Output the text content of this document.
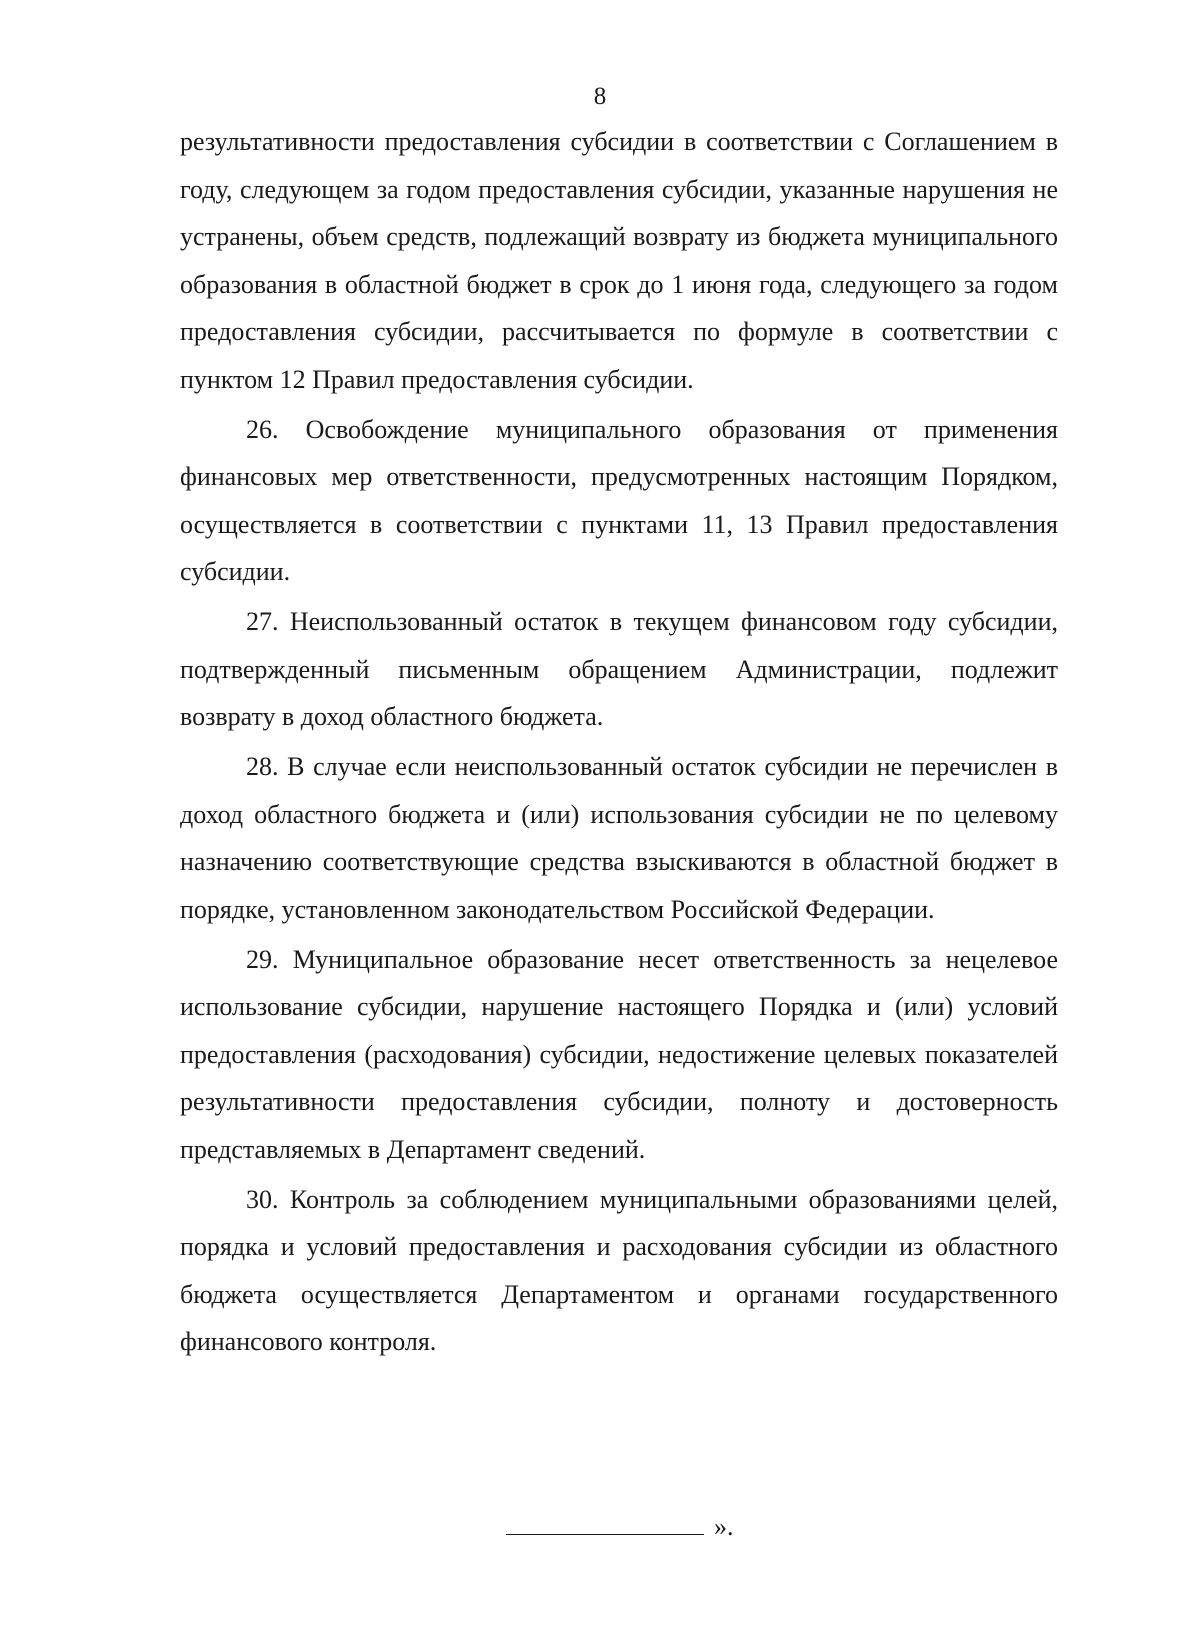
8

результативности предоставления субсидии в соответствии с Соглашением в году, следующем за годом предоставления субсидии, указанные нарушения не устранены, объем средств, подлежащий возврату из бюджета муниципального образования в областной бюджет в срок до 1 июня года, следующего за годом предоставления субсидии, рассчитывается по формуле в соответствии с пунктом 12 Правил предоставления субсидии.

26. Освобождение муниципального образования от применения финансовых мер ответственности, предусмотренных настоящим Порядком, осуществляется в соответствии с пунктами 11, 13 Правил предоставления субсидии.

27. Неиспользованный остаток в текущем финансовом году субсидии, подтвержденный письменным обращением Администрации, подлежит возврату в доход областного бюджета.

28. В случае если неиспользованный остаток субсидии не перечислен в доход областного бюджета и (или) использования субсидии не по целевому назначению соответствующие средства взыскиваются в областной бюджет в порядке, установленном законодательством Российской Федерации.

29. Муниципальное образование несет ответственность за нецелевое использование субсидии, нарушение настоящего Порядка и (или) условий предоставления (расходования) субсидии, недостижение целевых показателей результативности предоставления субсидии, полноту и достоверность представляемых в Департамент сведений.

30. Контроль за соблюдением муниципальными образованиями целей, порядка и условий предоставления и расходования субсидии из областного бюджета осуществляется Департаментом и органами государственного финансового контроля.

».
